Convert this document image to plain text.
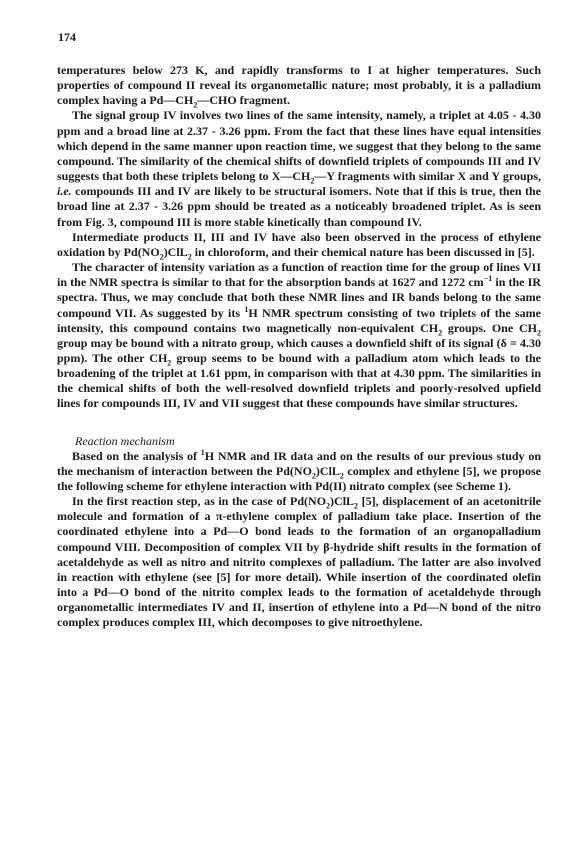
174

temperatures below 273 K, and rapidly transforms to I at higher temperatures. Such properties of compound II reveal its organometallic nature; most probably, it is a palladium complex having a $Pd—CH_2—CHO$ fragment.

The signal group IV involves two lines of the same intensity, namely, a triplet at 4.05 - 4.30 ppm and a broad line at 2.37 - 3.26 ppm. From the fact that these lines have equal intensities which depend in the same manner upon reaction time, we suggest that they belong to the same compound. The similarity of the chemical shifts of downfield triplets of compounds III and IV suggests that both these triplets belong to $X—CH_2—Y$ fragments with similar X and Y groups, i.e. compounds III and IV are likely to be structural isomers. Note that if this is true, then the broad line at 2.37 - 3.26 ppm should be treated as a noticeably broadened triplet. As is seen from Fig. 3, compound III is more stable kinetically than compound IV.

Intermediate products II, III and IV have also been observed in the process of ethylene oxidation by $Pd(NO_2)ClL_2$ in chloroform, and their chemical nature has been discussed in [5].

The character of intensity variation as a function of reaction time for the group of lines VII in the NMR spectra is similar to that for the absorption bands at 1627 and 1272 $cm^{-1}$ in the IR spectra. Thus, we may conclude that both these NMR lines and IR bands belong to the same compound VII. As suggested by its $^1$H NMR spectrum consisting of two triplets of the same intensity, this compound contains two magnetically non-equivalent $CH_2$ groups. One $CH_2$ group may be bound with a nitrato group, which causes a downfield shift of its signal (δ = 4.30 ppm). The other $CH_2$ group seems to be bound with a palladium atom which leads to the broadening of the triplet at 1.61 ppm, in comparison with that at 4.30 ppm. The similarities in the chemical shifts of both the well-resolved downfield triplets and poorly-resolved upfield lines for compounds III, IV and VII suggest that these compounds have similar structures.

Reaction mechanism

Based on the analysis of $^1$H NMR and IR data and on the results of our previous study on the mechanism of interaction between the $Pd(NO_2)ClL_2$ complex and ethylene [5], we propose the following scheme for ethylene interaction with Pd(II) nitrato complex (see Scheme 1).

In the first reaction step, as in the case of $Pd(NO_2)ClL_2$ [5], displacement of an acetonitrile molecule and formation of a π-ethylene complex of palladium take place. Insertion of the coordinated ethylene into a Pd—O bond leads to the formation of an organopalladium compound VIII. Decomposition of complex VII by β-hydride shift results in the formation of acetaldehyde as well as nitro and nitrito complexes of palladium. The latter are also involved in reaction with ethylene (see [5] for more detail). While insertion of the coordinated olefin into a Pd—O bond of the nitrito complex leads to the formation of acetaldehyde through organometallic intermediates IV and II, insertion of ethylene into a Pd—N bond of the nitro complex produces complex III, which decomposes to give nitroethylene.
